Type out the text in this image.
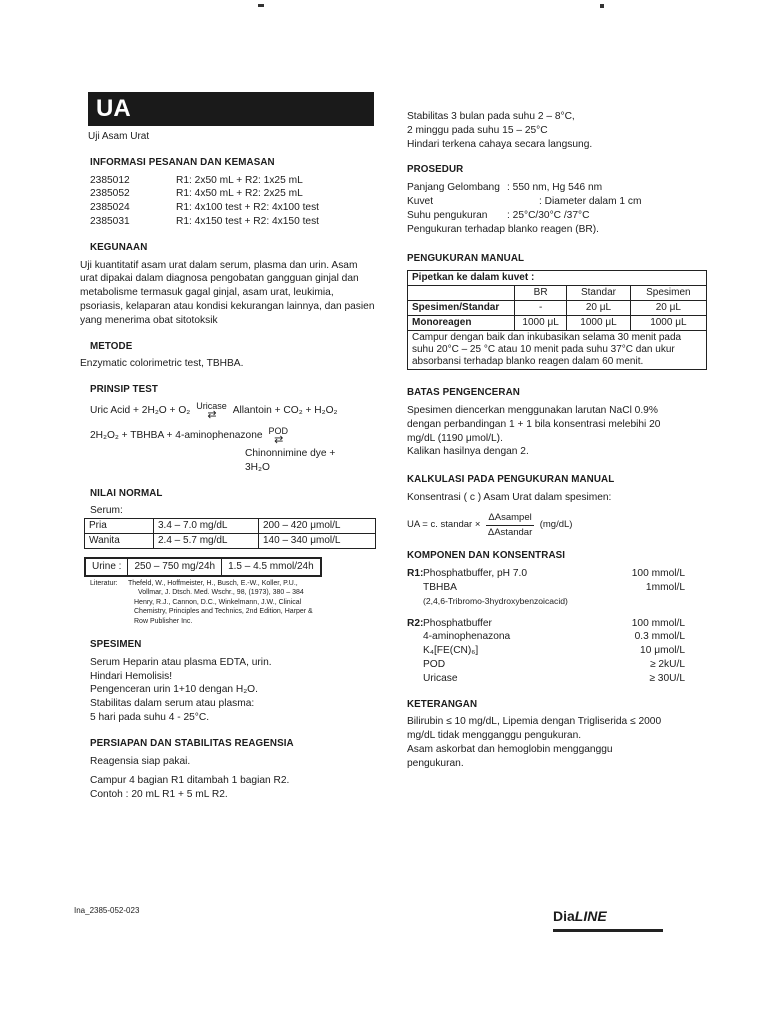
UA
Uji Asam Urat
INFORMASI PESANAN DAN KEMASAN
2385012	R1: 2x50 mL + R2: 1x25 mL
2385052	R1: 4x50 mL + R2: 2x25 mL
2385024	R1: 4x100 test + R2: 4x100 test
2385031	R1: 4x150 test + R2: 4x150 test
KEGUNAAN

Uji kuantitatif asam urat dalam serum, plasma dan urin. Asam urat dipakai dalam diagnosa pengobatan gangguan ginjal dan metabolisme termasuk gagal ginjal, asam urat, leukimia, psoriasis, kelaparan atau kondisi kekurangan lainnya, dan pasien yang menerima obat sitotoksik

METODE

Enzymatic colorimetric test, TBHBA.

PRINSIP TEST
Uric Acid + 2H₂O + O₂ Uricase
⇄ Allantoin + CO₂ + H₂O₂
2H₂O₂ + TBHBA + 4-aminophenazone POD
⇄
Chinonnimine dye +
3H₂O
NILAI NORMAL
Serum:
Pria	3.4 – 7.0 mg/dL	200 – 420 μmol/L
Wanita	2.4 – 5.7 mg/dL	140 – 340 μmol/L
Urine :	250 – 750 mg/24h	1.5 – 4.5 mmol/24h
Literatur:	Thefeld, W., Hoffmeister, H., Busch, E.-W., Koller, P.U.,
Vollmar, J. Dtsch. Med. Wschr., 98, (1973), 380 – 384
Henry, R.J., Cannon, D.C., Winkelmann, J.W., Clinical
Chemistry, Principles and Technics, 2nd Edition, Harper &
Row Publisher Inc.
SPESIMEN
Serum Heparin atau plasma EDTA, urin.
Hindari Hemolisis!
Pengenceran urin 1+10 dengan H₂O.
Stabilitas dalam serum atau plasma:
5 hari pada suhu 4 - 25°C.
PERSIAPAN DAN STABILITAS REAGENSIA
Reagensia siap pakai.
Campur 4 bagian R1 ditambah 1 bagian R2.
Contoh : 20 mL R1 + 5 mL R2.
Stabilitas 3 bulan pada suhu 2 – 8°C,
2 minggu pada suhu 15 – 25°C
Hindari terkena cahaya secara langsung.
PROSEDUR
Panjang Gelombang : 550 nm, Hg 546 nm
Kuvet	: Diameter dalam 1 cm
Suhu pengukuran	: 25°C/30°C /37°C
Pengukuran terhadap blanko reagen (BR).
PENGUKURAN MANUAL
Pipetkan ke dalam kuvet :			
	BR	Standar	Spesimen
Spesimen/Standar	-	20 μL	20 μL
Monoreagen	1000 μL	1000 μL	1000 μL
Campur dengan baik dan inkubasikan selama 30 menit pada suhu 20°C – 25 °C atau 10 menit pada suhu 37°C dan ukur absorbansi terhadap blanko reagen dalam 60 menit.			
BATAS PENGENCERAN
Spesimen diencerkan menggunakan larutan NaCl 0.9%
dengan perbandingan 1 + 1 bila konsentrasi melebihi 20
mg/dL (1190 μmol/L).
Kalikan hasilnya dengan 2.
KALKULASI PADA PENGUKURAN MANUAL
Konsentrasi ( c ) Asam Urat dalam spesimen:
UA = c. standar × $\frac{\text{ΔAsampel}}{\text{ΔAstandar}} (mg/dL)$
KOMPONEN DAN KONSENTRASI
R1: Phosphatbuffer, pH 7.0	100 mmol/L
TBHBA	1mmol/L
(2,4,6-Tribromo-3hydroxybenzoicacid)
R2: Phosphatbuffer	100 mmol/L
4-aminophenazona	0.3 mmol/L
K₄[FE(CN)₆]	10 μmol/L
POD	≥ 2kU/L
Uricase	≥ 30U/L
KETERANGAN
Bilirubin ≤ 10 mg/dL, Lipemia dengan Trigliserida ≤ 2000
mg/dL tidak mengganggu pengukuran.
Asam askorbat dan hemoglobin mengganggu
pengukuran.
Ina_2385-052-023	DiaLINE
